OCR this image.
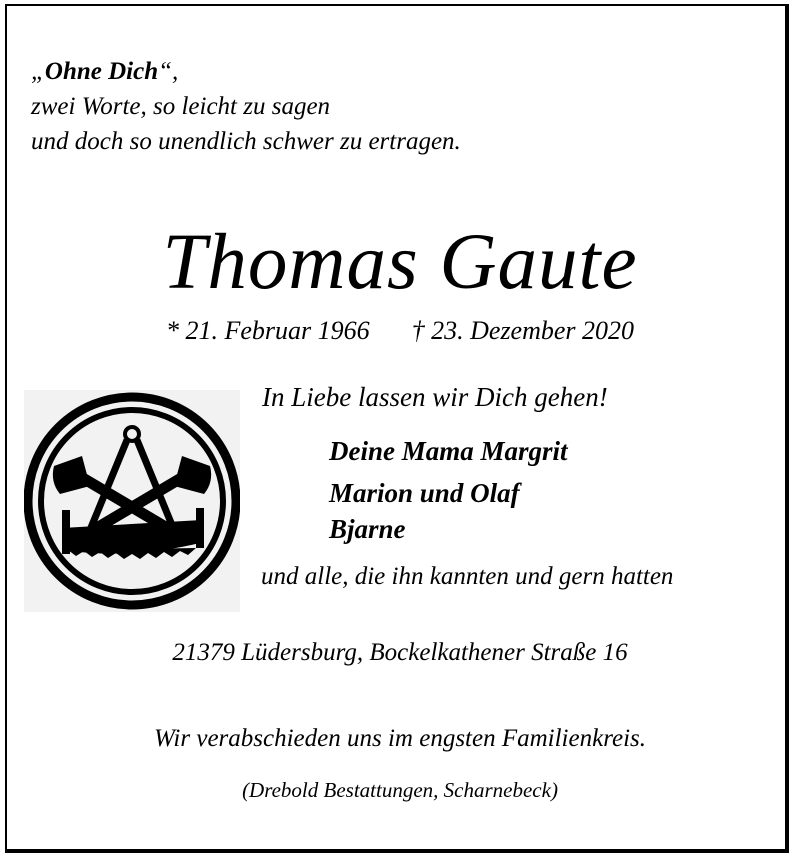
„Ohne Dich“,
zwei Worte, so leicht zu sagen
und doch so unendlich schwer zu ertragen.
Thomas Gaute
* 21. Februar 1966 † 23. Dezember 2020
In Liebe lassen wir Dich gehen!
Deine Mama Margrit
Marion und Olaf
Bjarne
und alle, die ihn kannten und gern hatten
21379 Lüdersburg, Bockelkathener Straße 16
Wir verabschieden uns im engsten Familienkreis.
(Drebold Bestattungen, Scharnebeck)
